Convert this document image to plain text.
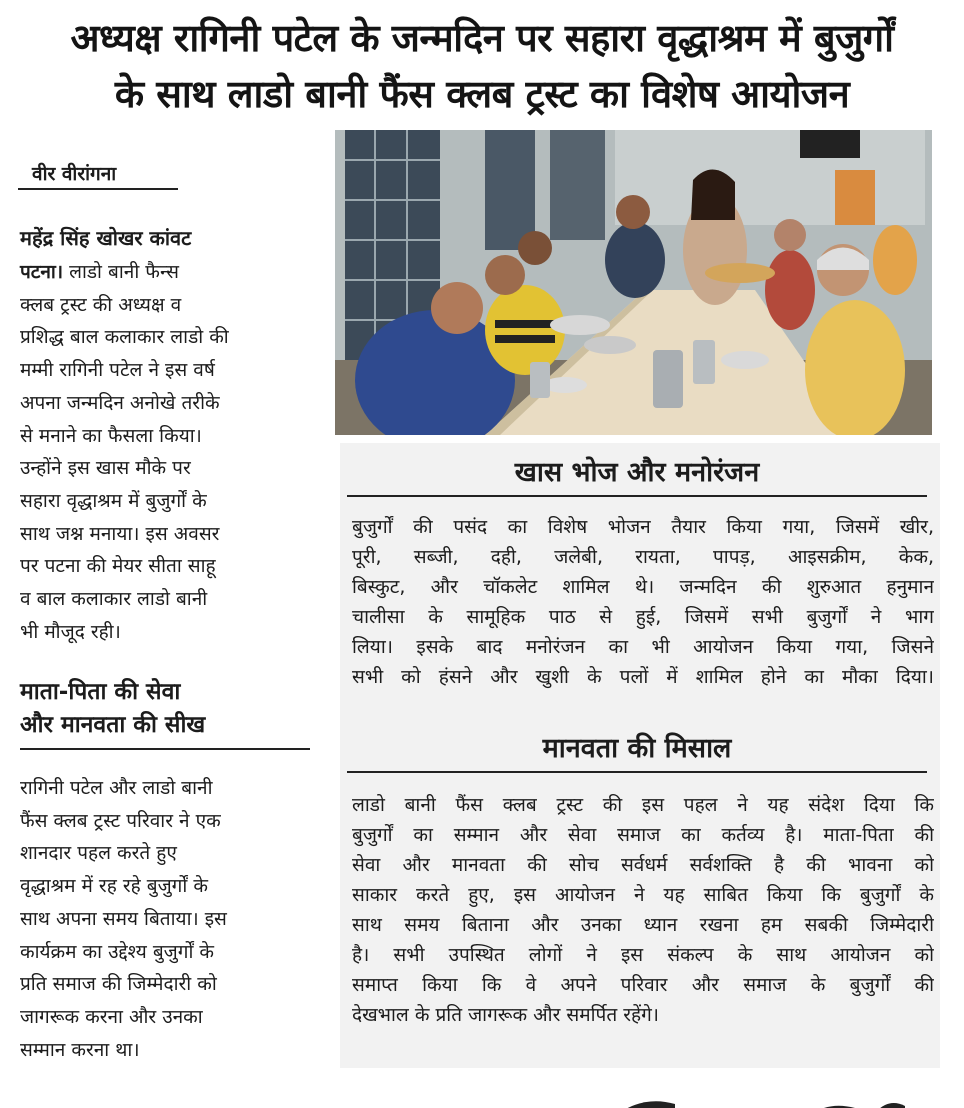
अध्यक्ष रागिनी पटेल के जन्मदिन पर सहारा वृद्धाश्रम में बुजुर्गों
के साथ लाडो बानी फैंस क्लब ट्रस्ट का विशेष आयोजन
वीर वीरांगना
महेंद्र सिंह खोखर कांवट
पटना। लाडो बानी फैन्स
क्लब ट्रस्ट की अध्यक्ष व
प्रशिद्ध बाल कलाकार लाडो की
मम्मी रागिनी पटेल ने इस वर्ष
अपना जन्मदिन अनोखे तरीके
से मनाने का फैसला किया।
उन्होंने इस खास मौके पर
सहारा वृद्धाश्रम में बुजुर्गों के
साथ जश्न मनाया। इस अवसर
पर पटना की मेयर सीता साहू
व बाल कलाकार लाडो बानी
भी मौजूद रही।
माता-पिता की सेवा
और मानवता की सीख
रागिनी पटेल और लाडो बानी
फैंस क्लब ट्रस्ट परिवार ने एक
शानदार पहल करते हुए
वृद्धाश्रम में रह रहे बुजुर्गों के
साथ अपना समय बिताया। इस
कार्यक्रम का उद्देश्य बुजुर्गों के
प्रति समाज की जिम्मेदारी को
जागरूक करना और उनका
सम्मान करना था।
खास भोज और मनोरंजन
बुजुर्गों की पसंद का विशेष भोजन तैयार किया गया, जिसमें खीर,
पूरी, सब्जी, दही, जलेबी, रायता, पापड़, आइसक्रीम, केक,
बिस्कुट, और चॉकलेट शामिल थे। जन्मदिन की शुरुआत हनुमान
चालीसा के सामूहिक पाठ से हुई, जिसमें सभी बुजुर्गों ने भाग
लिया। इसके बाद मनोरंजन का भी आयोजन किया गया, जिसने
सभी को हंसने और खुशी के पलों में शामिल होने का मौका दिया।
मानवता की मिसाल
लाडो बानी फैंस क्लब ट्रस्ट की इस पहल ने यह संदेश दिया कि
बुजुर्गों का सम्मान और सेवा समाज का कर्तव्य है। माता-पिता की
सेवा और मानवता की सोच सर्वधर्म सर्वशक्ति है की भावना को
साकार करते हुए, इस आयोजन ने यह साबित किया कि बुजुर्गों के
साथ समय बिताना और उनका ध्यान रखना हम सबकी जिम्मेदारी
है। सभी उपस्थित लोगों ने इस संकल्प के साथ आयोजन को
समाप्त किया कि वे अपने परिवार और समाज के बुजुर्गों की
देखभाल के प्रति जागरूक और समर्पित रहेंगे।
